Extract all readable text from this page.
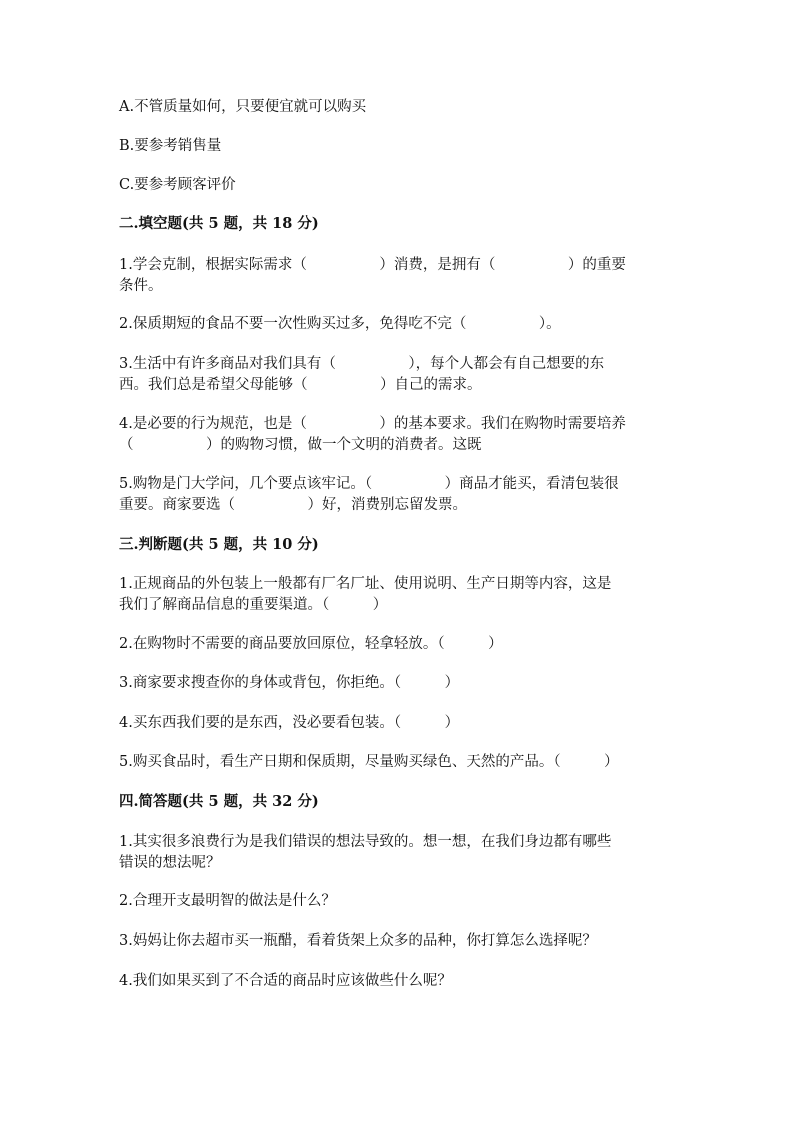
A.不管质量如何，只要便宜就可以购买
B.要参考销售量
C.要参考顾客评价
二.填空题(共 5 题，共 18 分)
1.学会克制，根据实际需求（　　　　　）消费，是拥有（　　　　　）的重要
条件。
2.保质期短的食品不要一次性购买过多，免得吃不完（　　　　　）。
3.生活中有许多商品对我们具有（　　　　　），每个人都会有自己想要的东
西。我们总是希望父母能够（　　　　　）自己的需求。
4.是必要的行为规范，也是（　　　　　）的基本要求。我们在购物时需要培养
（　　　　　）的购物习惯，做一个文明的消费者。这既
5.购物是门大学问，几个要点该牢记。（　　　　　）商品才能买，看清包装很
重要。商家要选（　　　　　）好，消费别忘留发票。
三.判断题(共 5 题，共 10 分)
1.正规商品的外包装上一般都有厂名厂址、使用说明、生产日期等内容，这是
我们了解商品信息的重要渠道。（　　　）
2.在购物时不需要的商品要放回原位，轻拿轻放。（　　　）
3.商家要求搜查你的身体或背包，你拒绝。（　　　）
4.买东西我们要的是东西，没必要看包装。（　　　）
5.购买食品时，看生产日期和保质期，尽量购买绿色、天然的产品。（　　　）
四.简答题(共 5 题，共 32 分)
1.其实很多浪费行为是我们错误的想法导致的。想一想，在我们身边都有哪些
错误的想法呢？
2.合理开支最明智的做法是什么？
3.妈妈让你去超市买一瓶醋，看着货架上众多的品种，你打算怎么选择呢？
4.我们如果买到了不合适的商品时应该做些什么呢？
